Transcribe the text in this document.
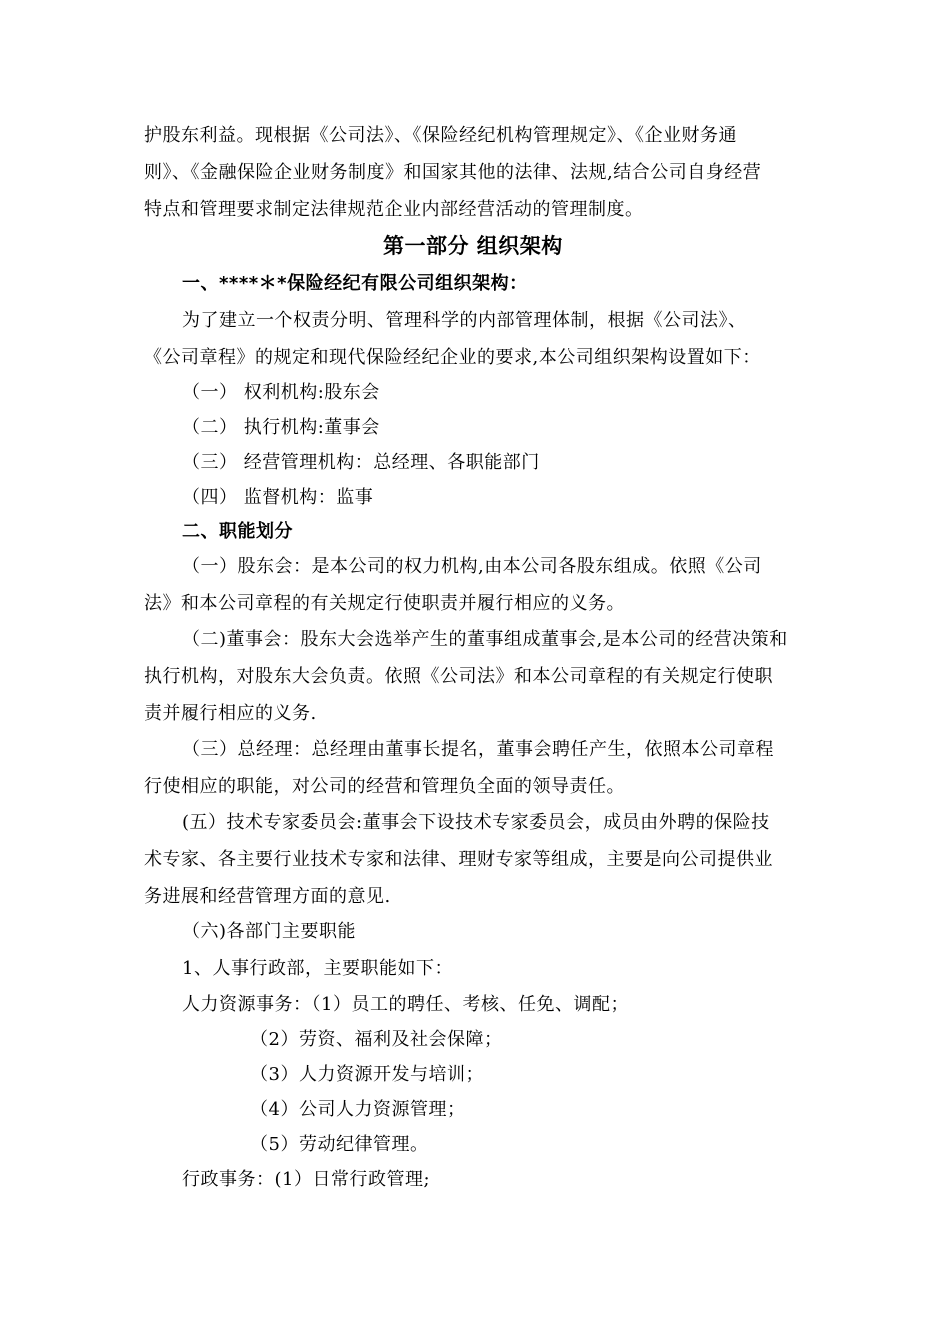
护股东利益。现根据《公司法》、《保险经纪机构管理规定》、《企业财务通
则》、《金融保险企业财务制度》和国家其他的法律、法规,结合公司自身经营
特点和管理要求制定法律规范企业内部经营活动的管理制度。
第一部分 组织架构
一、****＊*保险经纪有限公司组织架构：
为了建立一个权责分明、管理科学的内部管理体制，根据《公司法》、
《公司章程》的规定和现代保险经纪企业的要求,本公司组织架构设置如下：
（一） 权利机构:股东会
（二） 执行机构:董事会
（三） 经营管理机构：总经理、各职能部门
（四） 监督机构：监事
二、职能划分
（一）股东会：是本公司的权力机构,由本公司各股东组成。依照《公司
法》和本公司章程的有关规定行使职责并履行相应的义务。
（二)董事会：股东大会选举产生的董事组成董事会,是本公司的经营决策和
执行机构，对股东大会负责。依照《公司法》和本公司章程的有关规定行使职
责并履行相应的义务.
（三）总经理：总经理由董事长提名，董事会聘任产生，依照本公司章程
行使相应的职能，对公司的经营和管理负全面的领导责任。
(五）技术专家委员会:董事会下设技术专家委员会，成员由外聘的保险技
术专家、各主要行业技术专家和法律、理财专家等组成，主要是向公司提供业
务进展和经营管理方面的意见.
（六)各部门主要职能
1、人事行政部，主要职能如下：
人力资源事务：（1）员工的聘任、考核、任免、调配；
（2）劳资、福利及社会保障；
（3）人力资源开发与培训；
（4）公司人力资源管理；
（5）劳动纪律管理。
行政事务：(1）日常行政管理;
